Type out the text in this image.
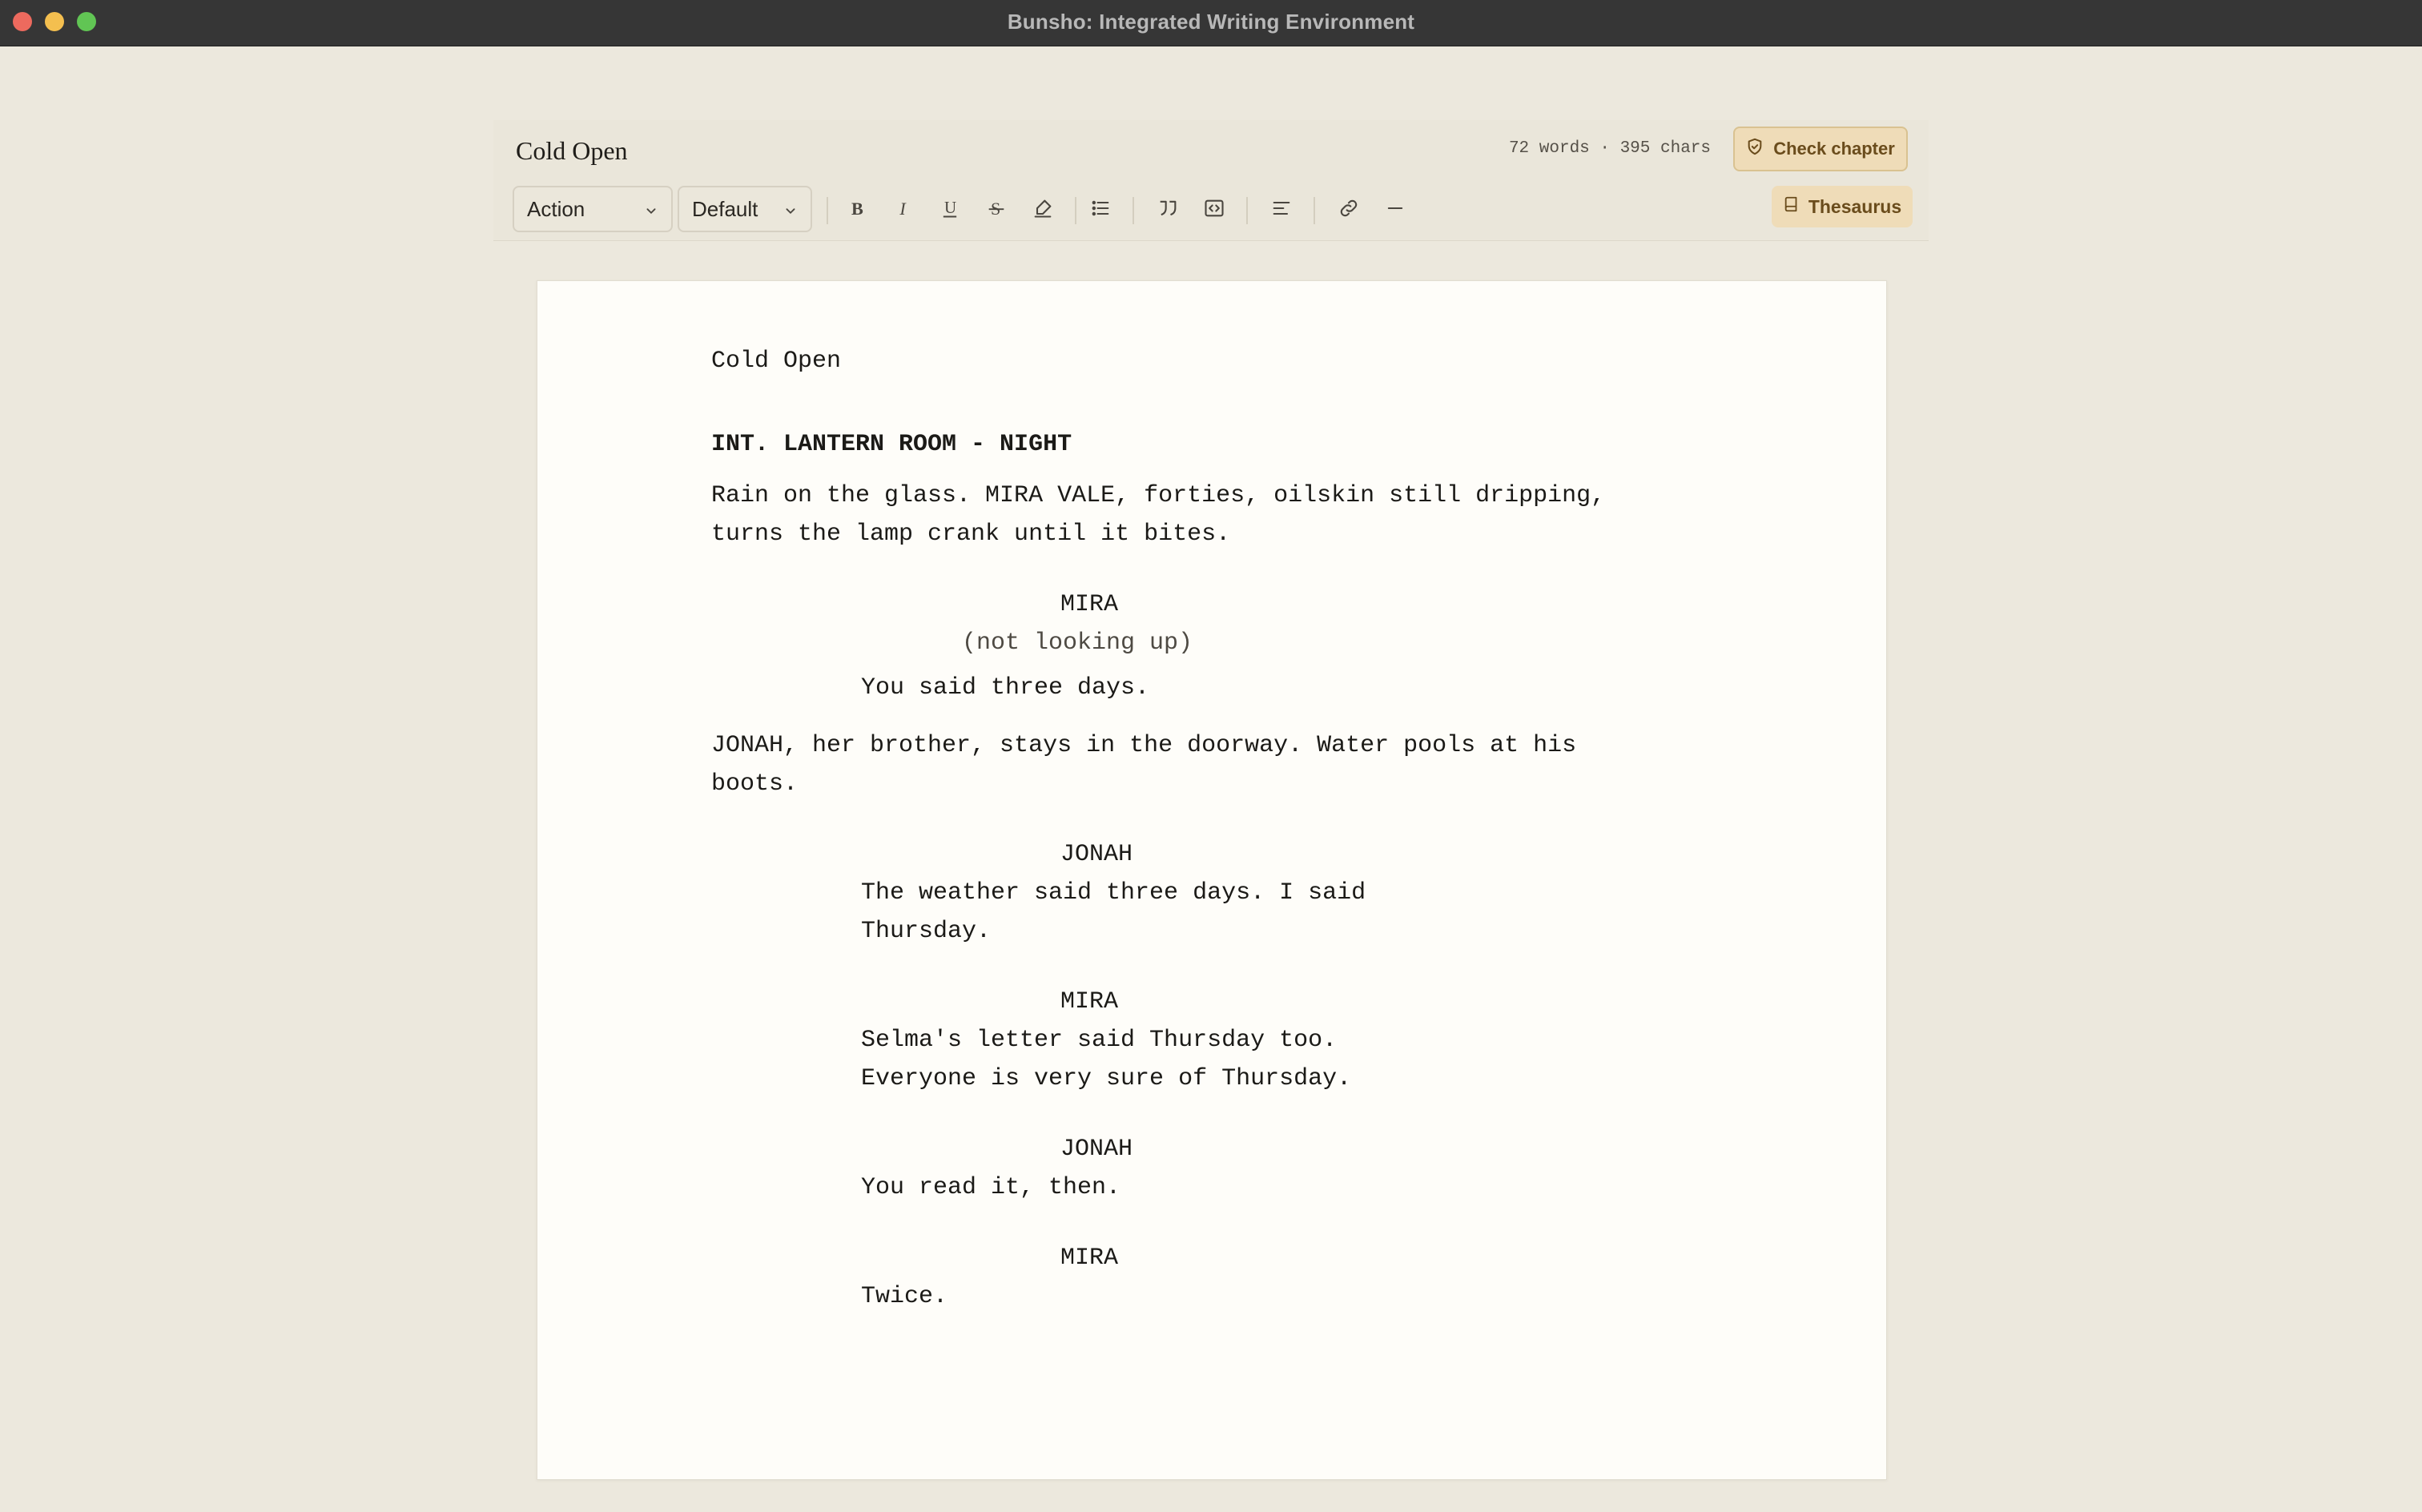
Bunsho: Integrated Writing Environment
Cold Open	72 words · 395 chars	Check chapter
Action	Default	B I	U S	Thesaurus
Cold Open
INT. LANTERN ROOM - NIGHT
Rain on the glass. MIRA VALE, forties, oilskin still dripping,
turns the lamp crank until it bites.
MIRA
(not looking up)
You said three days.
JONAH, her brother, stays in the doorway. Water pools at his
boots.
JONAH
The weather said three days. I said
Thursday.
MIRA
Selma's letter said Thursday too.
Everyone is very sure of Thursday.
JONAH
You read it, then.
MIRA
Twice.
